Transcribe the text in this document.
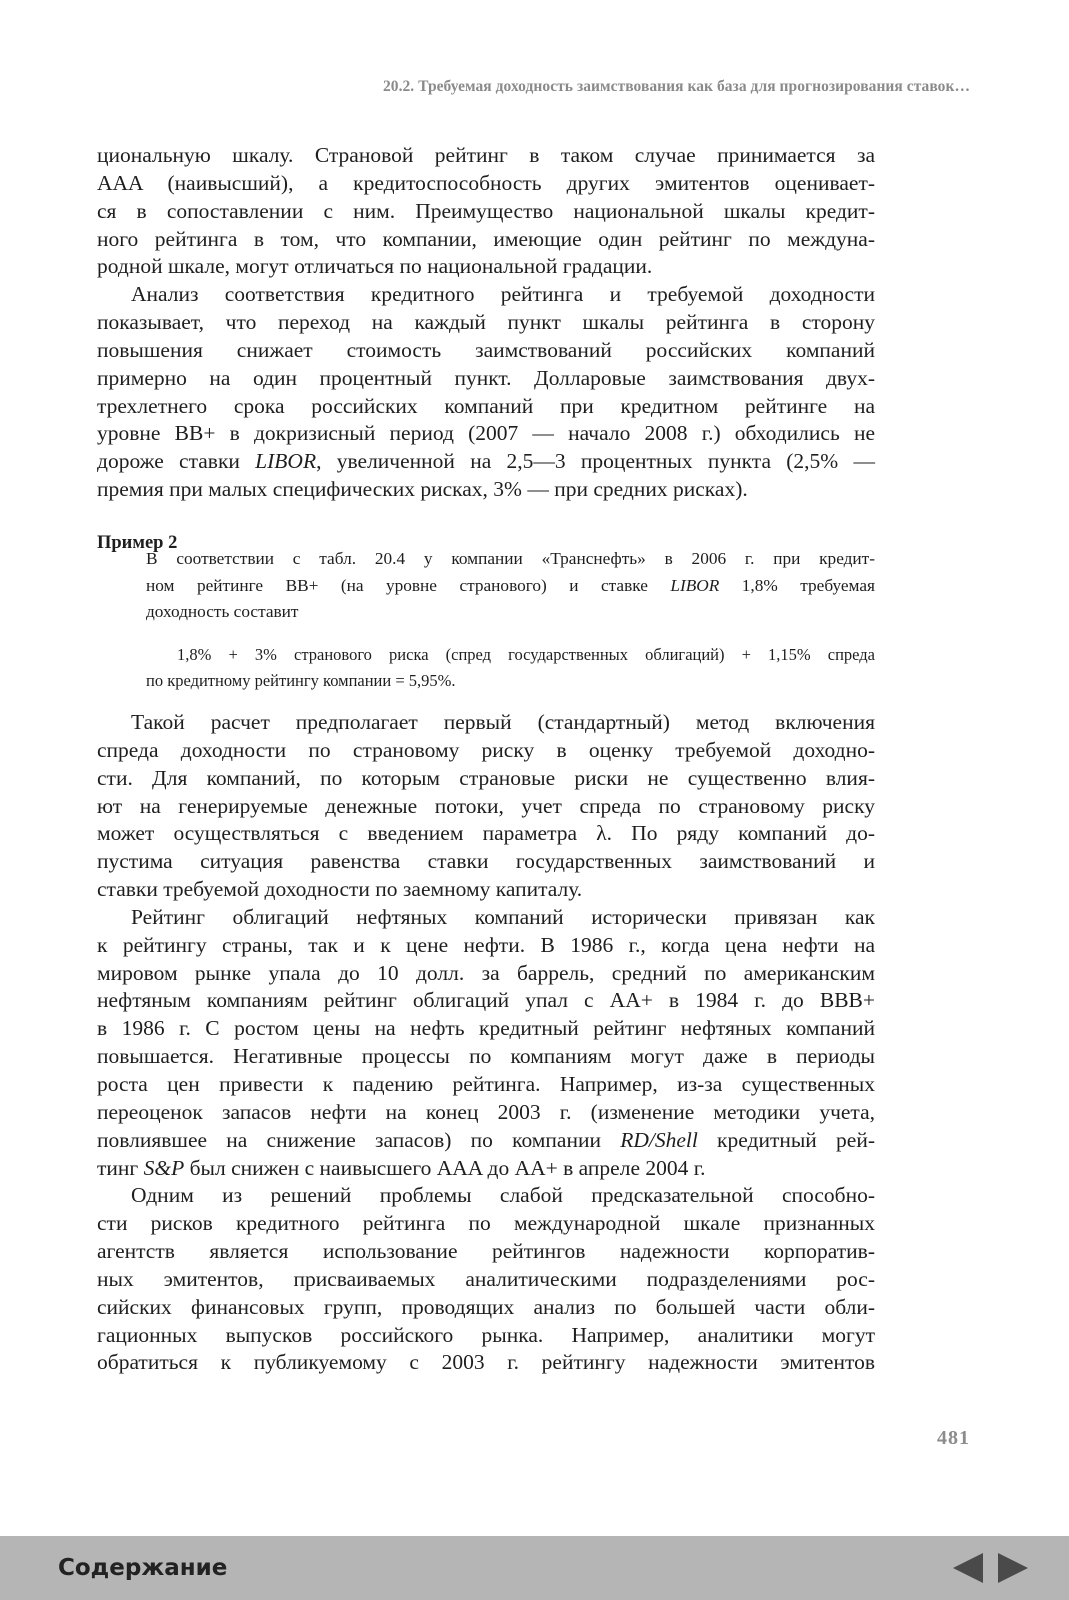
20.2. Требуемая доходность заимствования как база для прогнозирования ставок…
циональную шкалу. Страновой рейтинг в таком случае принимается за
AAA (наивысший), а кредитоспособность других эмитентов оценивает-
ся в сопоставлении с ним. Преимущество национальной шкалы кредит-
ного рейтинга в том, что компании, имеющие один рейтинг по междуна-
родной шкале, могут отличаться по национальной градации.
Анализ соответствия кредитного рейтинга и требуемой доходности
показывает, что переход на каждый пункт шкалы рейтинга в сторону
повышения снижает стоимость заимствований российских компаний
примерно на один процентный пункт. Долларовые заимствования двух-
трехлетнего срока российских компаний при кредитном рейтинге на
уровне BB+ в докризисный период (2007 — начало 2008 г.) обходились не
дороже ставки LIBOR, увеличенной на 2,5—3 процентных пункта (2,5% —
премия при малых специфических рисках, 3% — при средних рисках).
Пример 2
В соответствии с табл. 20.4 у компании «Транснефть» в 2006 г. при кредит-
ном рейтинге BB+ (на уровне странового) и ставке LIBOR 1,8% требуемая
доходность составит
1,8% + 3% странового риска (спред государственных облигаций) + 1,15% спреда
по кредитному рейтингу компании = 5,95%.
Такой расчет предполагает первый (стандартный) метод включения
спреда доходности по страновому риску в оценку требуемой доходно-
сти. Для компаний, по которым страновые риски не существенно влия-
ют на генерируемые денежные потоки, учет спреда по страновому риску
может осуществляться с введением параметра λ. По ряду компаний до-
пустима ситуация равенства ставки государственных заимствований и
ставки требуемой доходности по заемному капиталу.
Рейтинг облигаций нефтяных компаний исторически привязан как
к рейтингу страны, так и к цене нефти. В 1986 г., когда цена нефти на
мировом рынке упала до 10 долл. за баррель, средний по американским
нефтяным компаниям рейтинг облигаций упал с AA+ в 1984 г. до BBB+
в 1986 г. С ростом цены на нефть кредитный рейтинг нефтяных компаний
повышается. Негативные процессы по компаниям могут даже в периоды
роста цен привести к падению рейтинга. Например, из-за существенных
переоценок запасов нефти на конец 2003 г. (изменение методики учета,
повлиявшее на снижение запасов) по компании RD/Shell кредитный рей-
тинг S&P был снижен с наивысшего AAA до AA+ в апреле 2004 г.
Одним из решений проблемы слабой предсказательной способно-
сти рисков кредитного рейтинга по международной шкале признанных
агентств является использование рейтингов надежности корпоратив-
ных эмитентов, присваиваемых аналитическими подразделениями рос-
сийских финансовых групп, проводящих анализ по большей части обли-
гационных выпусков российского рынка. Например, аналитики могут
обратиться к публикуемому с 2003 г. рейтингу надежности эмитентов
481
Содержание
